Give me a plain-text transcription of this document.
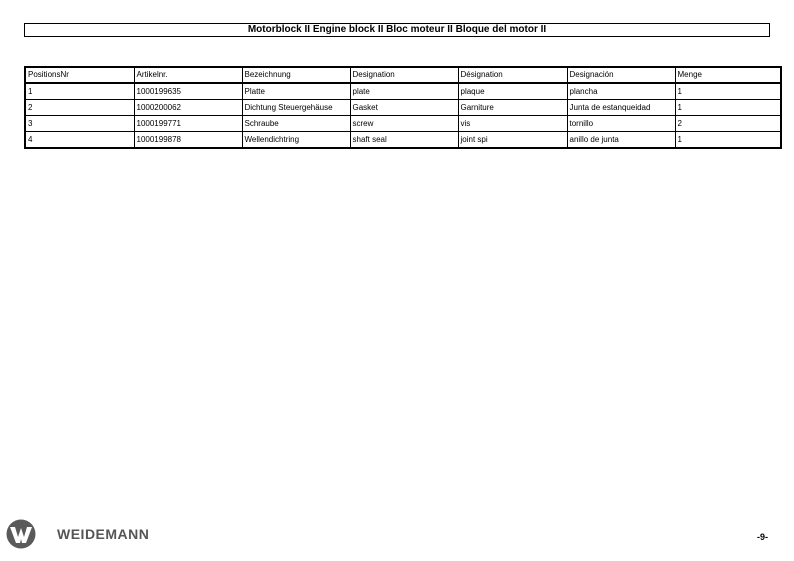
Motorblock II Engine block II Bloc moteur II Bloque del motor II
PositionsNr	Artikelnr.	Bezeichnung	Designation	Désignation	Designación	Menge
1	1000199635	Platte	plate	plaque	plancha	1
2	1000200062	Dichtung Steuergehäuse	Gasket	Garniture	Junta de estanqueidad	1
3	1000199771	Schraube	screw	vis	tornillo	2
4	1000199878	Wellendichtring	shaft seal	joint spi	anillo de junta	1
WEIDEMANN	-9-
